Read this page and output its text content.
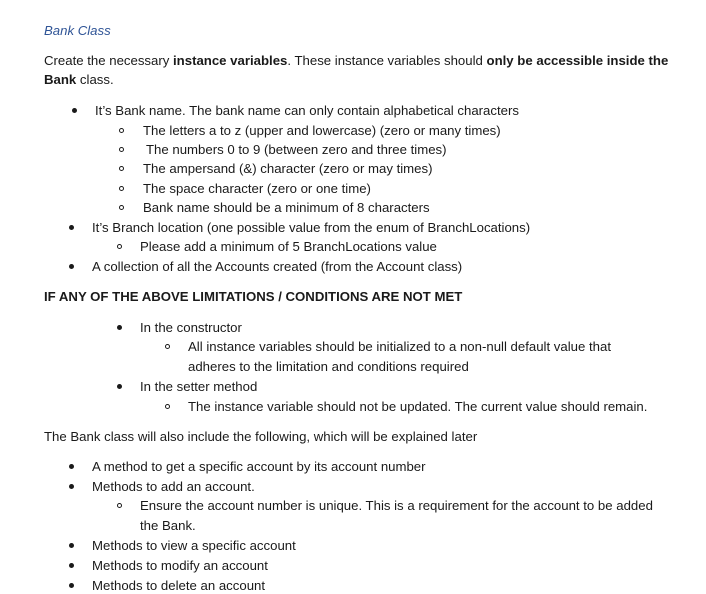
Bank Class
Create the necessary instance variables. These instance variables should only be accessible inside the
Bank class.
It’s Bank name. The bank name can only contain alphabetical characters
The letters a to z (upper and lowercase) (zero or many times)
The numbers 0 to 9 (between zero and three times)
The ampersand (&) character (zero or may times)
The space character (zero or one time)
Bank name should be a minimum of 8 characters
It’s Branch location (one possible value from the enum of BranchLocations)
Please add a minimum of 5 BranchLocations value
A collection of all the Accounts created (from the Account class)
IF ANY OF THE ABOVE LIMITATIONS / CONDITIONS ARE NOT MET
In the constructor
All instance variables should be initialized to a non-null default value that
adheres to the limitation and conditions required
In the setter method
The instance variable should not be updated. The current value should remain.
The Bank class will also include the following, which will be explained later
A method to get a specific account by its account number
Methods to add an account.
Ensure the account number is unique. This is a requirement for the account to be added
the Bank.
Methods to view a specific account
Methods to modify an account
Methods to delete an account
